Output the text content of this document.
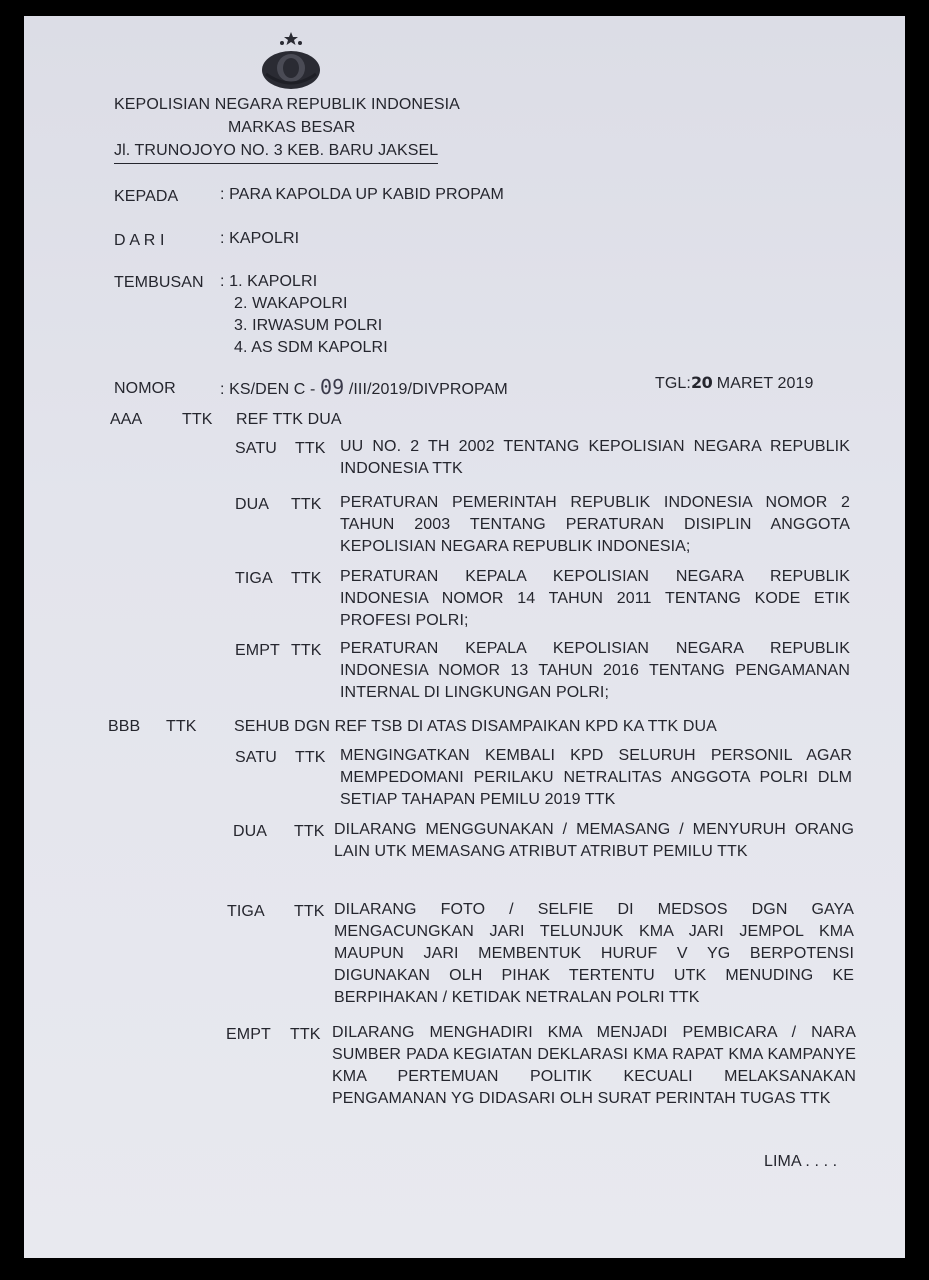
KEPOLISIAN NEGARA REPUBLIK INDONESIA
MARKAS BESAR
Jl. TRUNOJOYO NO. 3 KEB. BARU JAKSEL
KEPADA	: PARA KAPOLDA UP KABID PROPAM
D A R I	: KAPOLRI
TEMBUSAN : 1. KAPOLRI
2. WAKAPOLRI
3. IRWASUM POLRI
4. AS SDM KAPOLRI
NOMOR	: KS/DEN C - 09 /III/2019/DIVPROPAM	TGL:20 MARET 2019
AAA TTK REF TTK DUA
SATU TTK UU NO. 2 TH 2002 TENTANG KEPOLISIAN NEGARA REPUBLIK INDONESIA TTK
DUA TTK PERATURAN PEMERINTAH REPUBLIK INDONESIA NOMOR 2 TAHUN 2003 TENTANG PERATURAN DISIPLIN ANGGOTA KEPOLISIAN NEGARA REPUBLIK INDONESIA;
TIGA TTK PERATURAN KEPALA KEPOLISIAN NEGARA REPUBLIK INDONESIA NOMOR 14 TAHUN 2011 TENTANG KODE ETIK PROFESI POLRI;
EMPT TTK PERATURAN KEPALA KEPOLISIAN NEGARA REPUBLIK INDONESIA NOMOR 13 TAHUN 2016 TENTANG PENGAMANAN INTERNAL DI LINGKUNGAN POLRI;
BBB TTK SEHUB DGN REF TSB DI ATAS DISAMPAIKAN KPD KA TTK DUA
SATU TTK MENGINGATKAN KEMBALI KPD SELURUH PERSONIL AGAR MEMPEDOMANI PERILAKU NETRALITAS ANGGOTA POLRI DLM SETIAP TAHAPAN PEMILU 2019 TTK
DUA TTK DILARANG MENGGUNAKAN / MEMASANG / MENYURUH ORANG LAIN UTK MEMASANG ATRIBUT ATRIBUT PEMILU TTK
TIGA TTK DILARANG FOTO / SELFIE DI MEDSOS DGN GAYA MENGACUNGKAN JARI TELUNJUK KMA JARI JEMPOL KMA MAUPUN JARI MEMBENTUK HURUF V YG BERPOTENSI DIGUNAKAN OLH PIHAK TERTENTU UTK MENUDING KE BERPIHAKAN / KETIDAK NETRALAN POLRI TTK
EMPT TTK DILARANG MENGHADIRI KMA MENJADI PEMBICARA / NARA SUMBER PADA KEGIATAN DEKLARASI KMA RAPAT KMA KAMPANYE KMA PERTEMUAN POLITIK KECUALI MELAKSANAKAN PENGAMANAN YG DIDASARI OLH SURAT PERINTAH TUGAS TTK
LIMA . . . .
